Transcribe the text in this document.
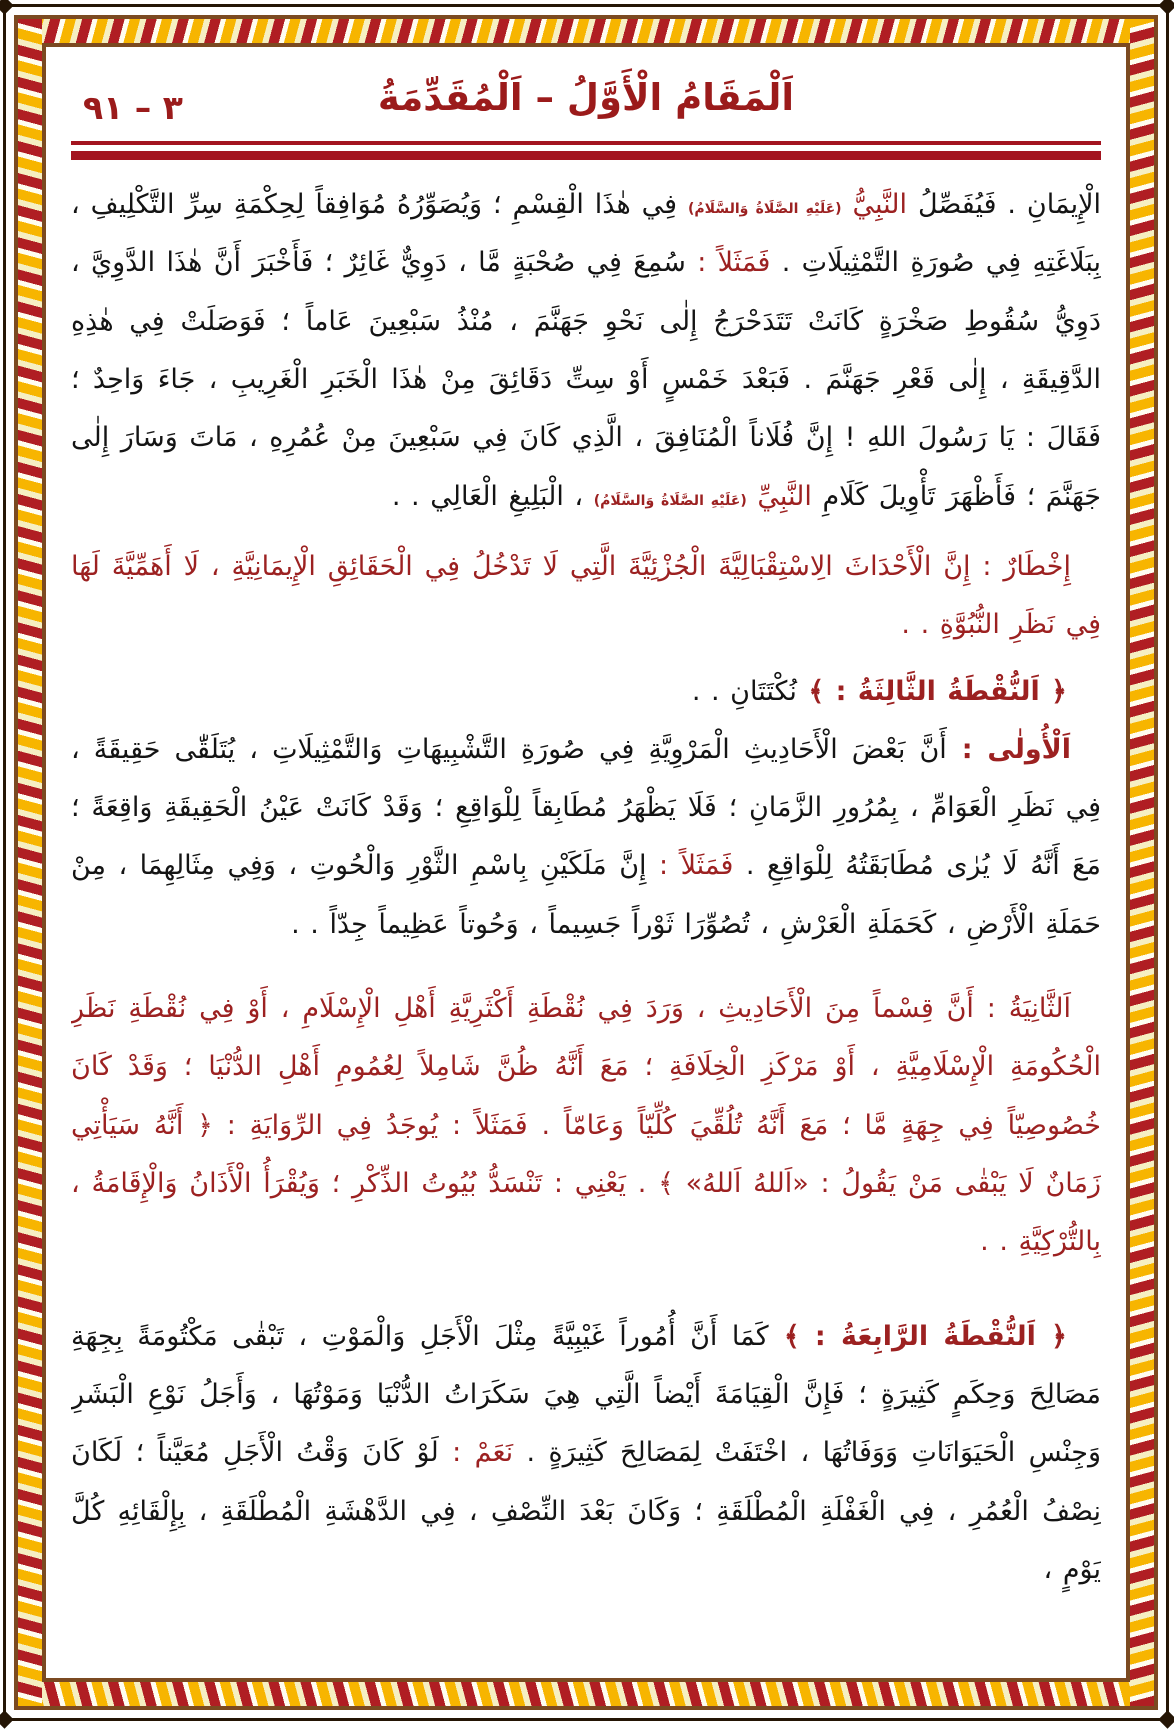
٣ – ٩١	اَلْمَقَامُ الْأَوَّلُ – اَلْمُقَدِّمَةُ

الْإِيمَانِ . فَيُفَصِّلُ النَّبِيُّ (عَلَيْهِ الصَّلَاةُ وَالسَّلَامُ) فِي هٰذَا الْقِسْمِ ؛ وَيُصَوِّرُهُ مُوَافِقاً لِحِكْمَةِ سِرِّ التَّكْلِيفِ ، بِبَلَاغَتِهِ فِي صُورَةِ التَّمْثِيلَاتِ . فَمَثَلاً : سُمِعَ فِي صُحْبَةٍ مَّا ، دَوِيٌّ غَائِرٌ ؛ فَأَخْبَرَ أَنَّ هٰذَا الدَّوِيَّ ، دَوِيُّ سُقُوطِ صَخْرَةٍ كَانَتْ تَتَدَحْرَجُ إِلٰى نَحْوِ جَهَنَّمَ ، مُنْذُ سَبْعِينَ عَاماً ؛ فَوَصَلَتْ فِي هٰذِهِ الدَّقِيقَةِ ، إِلٰى قَعْرِ جَهَنَّمَ . فَبَعْدَ خَمْسٍ أَوْ سِتِّ دَقَائِقَ مِنْ هٰذَا الْخَبَرِ الْغَرِيبِ ، جَاءَ وَاحِدٌ ؛ فَقَالَ : يَا رَسُولَ اللهِ ! إِنَّ فُلَاناً الْمُنَافِقَ ، الَّذِي كَانَ فِي سَبْعِينَ مِنْ عُمُرِهِ ، مَاتَ وَسَارَ إِلٰى جَهَنَّمَ ؛ فَأَظْهَرَ تَأْوِيلَ كَلَامِ النَّبِيِّ (عَلَيْهِ الصَّلَاةُ وَالسَّلَامُ) ، الْبَلِيغِ الْعَالِي . .

إِخْطَارٌ : إِنَّ الْأَحْدَاثَ الِاسْتِقْبَالِيَّةَ الْجُزْئِيَّةَ الَّتِي لَا تَدْخُلُ فِي الْحَقَائِقِ الْإِيمَانِيَّةِ ، لَا أَهَمِّيَّةَ لَهَا فِي نَظَرِ النُّبُوَّةِ . .

﴿ اَلنُّقْطَةُ الثَّالِثَةُ : ﴾ نُكْتَتَانِ . .

اَلْأُولٰى : أَنَّ بَعْضَ الْأَحَادِيثِ الْمَرْوِيَّةِ فِي صُورَةِ التَّشْبِيهَاتِ وَالتَّمْثِيلَاتِ ، يُتَلَقّٰى حَقِيقَةً ، فِي نَظَرِ الْعَوَامِّ ، بِمُرُورِ الزَّمَانِ ؛ فَلَا يَظْهَرُ مُطَابِقاً لِلْوَاقِعِ ؛ وَقَدْ كَانَتْ عَيْنُ الْحَقِيقَةِ وَاقِعَةً ؛ مَعَ أَنَّهُ لَا يُرٰى مُطَابَقَتُهُ لِلْوَاقِعِ . فَمَثَلاً : إِنَّ مَلَكَيْنِ بِاسْمِ الثَّوْرِ وَالْحُوتِ ، وَفِي مِثَالِهِمَا ، مِنْ حَمَلَةِ الْأَرْضِ ، كَحَمَلَةِ الْعَرْشِ ، تُصُوِّرَا ثَوْراً جَسِيماً ، وَحُوتاً عَظِيماً جِدّاً . .

اَلثَّانِيَةُ : أَنَّ قِسْماً مِنَ الْأَحَادِيثِ ، وَرَدَ فِي نُقْطَةِ أَكْثَرِيَّةِ أَهْلِ الْإِسْلَامِ ، أَوْ فِي نُقْطَةِ نَظَرِ الْحُكُومَةِ الْإِسْلَامِيَّةِ ، أَوْ مَرْكَزِ الْخِلَافَةِ ؛ مَعَ أَنَّهُ ظُنَّ شَامِلاً لِعُمُومِ أَهْلِ الدُّنْيَا ؛ وَقَدْ كَانَ خُصُوصِيّاً فِي جِهَةٍ مَّا ؛ مَعَ أَنَّهُ تُلُقِّيَ كُلِّيّاً وَعَامّاً . فَمَثَلاً : يُوجَدُ فِي الرِّوَايَةِ : ﴿ أَنَّهُ سَيَأْتِي زَمَانٌ لَا يَبْقٰى مَنْ يَقُولُ : «اَللهُ اَللهُ» ﴾ . يَعْنِي : تَنْسَدُّ بُيُوتُ الذِّكْرِ ؛ وَيُقْرَأُ الْأَذَانُ وَالْإِقَامَةُ ، بِالتُّرْكِيَّةِ . .

﴿ اَلنُّقْطَةُ الرَّابِعَةُ : ﴾ كَمَا أَنَّ أُمُوراً غَيْبِيَّةً مِثْلَ الْأَجَلِ وَالْمَوْتِ ، تَبْقٰى مَكْتُومَةً بِجِهَةِ مَصَالِحَ وَحِكَمٍ كَثِيرَةٍ ؛ فَإِنَّ الْقِيَامَةَ أَيْضاً الَّتِي هِيَ سَكَرَاتُ الدُّنْيَا وَمَوْتُهَا ، وَأَجَلُ نَوْعِ الْبَشَرِ وَجِنْسِ الْحَيَوَانَاتِ وَوَفَاتُهَا ، اخْتَفَتْ لِمَصَالِحَ كَثِيرَةٍ . نَعَمْ : لَوْ كَانَ وَقْتُ الْأَجَلِ مُعَيَّناً ؛ لَكَانَ نِصْفُ الْعُمُرِ ، فِي الْغَفْلَةِ الْمُطْلَقَةِ ؛ وَكَانَ بَعْدَ النِّصْفِ ، فِي الدَّهْشَةِ الْمُطْلَقَةِ ، بِإِلْقَائِهِ كُلَّ يَوْمٍ ،
